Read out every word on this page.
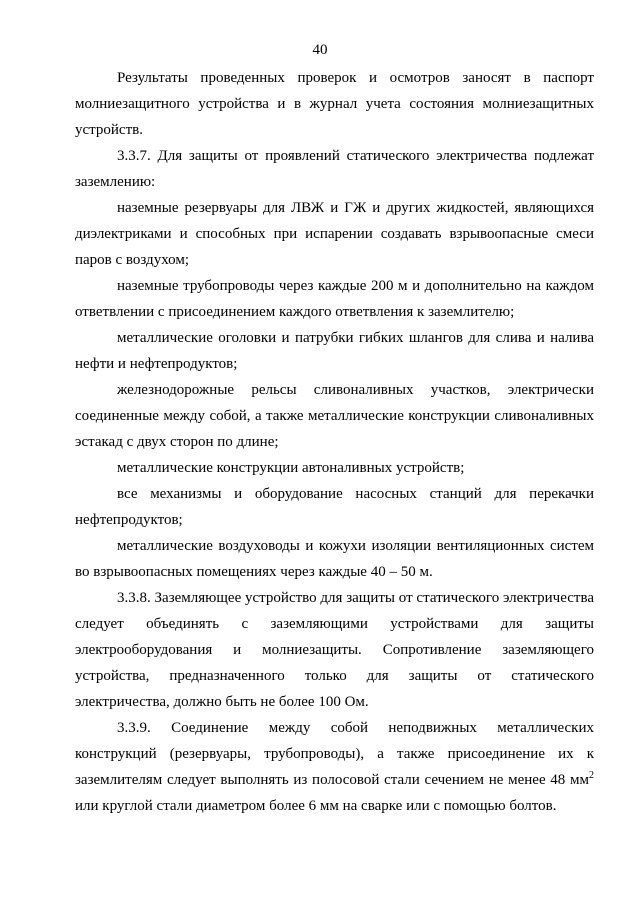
40

Результаты проведенных проверок и осмотров заносят в паспорт молниезащитного устройства и в журнал учета состояния молниезащитных устройств.

3.3.7. Для защиты от проявлений статического электричества подлежат заземлению:

наземные резервуары для ЛВЖ и ГЖ и других жидкостей, являющихся диэлектриками и способных при испарении создавать взрывоопасные смеси паров с воздухом;

наземные трубопроводы через каждые 200 м и дополнительно на каждом ответвлении с присоединением каждого ответвления к заземлителю;

металлические оголовки и патрубки гибких шлангов для слива и налива нефти и нефтепродуктов;

железнодорожные рельсы сливоналивных участков, электрически соединенные между собой, а также металлические конструкции сливоналивных эстакад с двух сторон по длине;

металлические конструкции автоналивных устройств;

все механизмы и оборудование насосных станций для перекачки нефтепродуктов;

металлические воздуховоды и кожухи изоляции вентиляционных систем во взрывоопасных помещениях через каждые 40 – 50 м.

3.3.8. Заземляющее устройство для защиты от статического электричества следует объединять с заземляющими устройствами для защиты электрооборудования и молниезащиты. Сопротивление заземляющего устройства, предназначенного только для защиты от статического электричества, должно быть не более 100 Ом.

3.3.9. Соединение между собой неподвижных металлических конструкций (резервуары, трубопроводы), а также присоединение их к заземлителям следует выполнять из полосовой стали сечением не менее 48 $мм^2$ или круглой стали диаметром более 6 мм на сварке или с помощью болтов.
